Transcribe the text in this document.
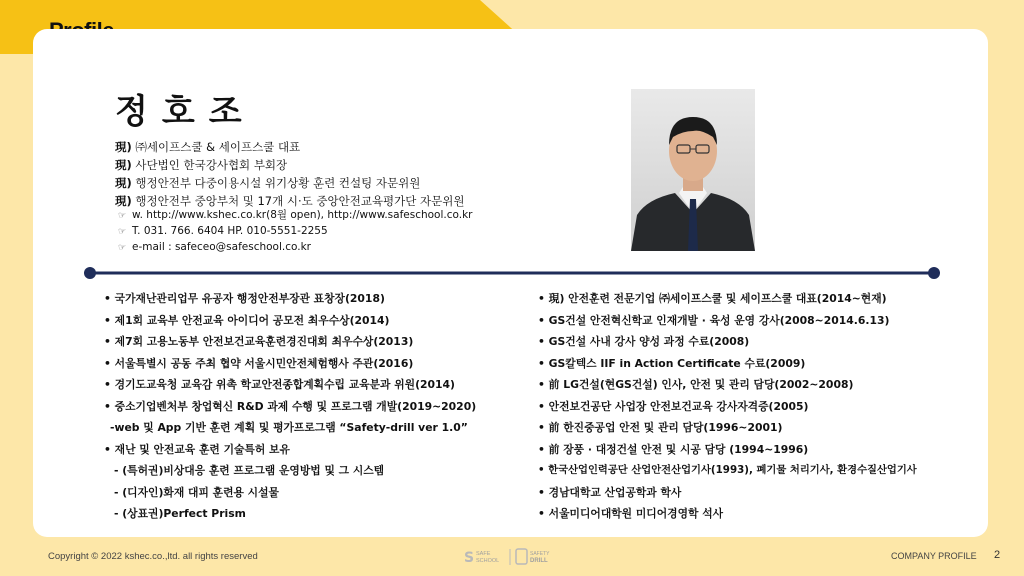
정호조
現) ㈜세이프스쿨 & 세이프스쿨 대표
現) 사단법인 한국강사협회 부회장
現) 행정안전부 다중이용시설 위기상황 훈련 컨설팅 자문위원
現) 행정안전부 중앙부처 및 17개 시·도 중앙안전교육평가단 자문위원
☞ w. http://www.kshec.co.kr(8월 open), http://www.safeschool.co.kr
☞ T. 031. 766. 6404 HP. 010-5551-2255
☞ e-mail : safeceo@safeschool.co.kr
• 국가재난관리업무 유공자 행정안전부장관 표창장(2018)
• 제1회 교육부 안전교육 아이디어 공모전 최우수상(2014)
• 제7회 고용노동부 안전보건교육훈련경진대회 최우수상(2013)
• 서울특별시 공동 주최 협약 서울시민안전체험행사 주관(2016)
• 경기도교육청 교육감 위촉 학교안전종합계획수립 교육분과 위원(2014)
• 중소기업벤처부 창업혁신 R&D 과제 수행 및 프로그램 개발(2019~2020)
-web 및 App 기반 훈련 계획 및 평가프로그램 “Safety-drill ver 1.0”
• 재난 및 안전교육 훈련 기술특허 보유
- (특허권)비상대응 훈련 프로그램 운영방법 및 그 시스템
- (디자인)화재 대피 훈련용 시설물
- (상표권)Perfect Prism
• 現) 안전훈련 전문기업 ㈜세이프스쿨 및 세이프스쿨 대표(2014~현재)
• GS건설 안전혁신학교 인재개발 · 육성 운영 강사(2008~2014.6.13)
• GS건설 사내 강사 양성 과정 수료(2008)
• GS칼텍스 IIF in Action Certificate 수료(2009)
• 前 LG건설(현GS건설) 인사, 안전 및 관리 담당(2002~2008)
• 안전보건공단 사업장 안전보건교육 강사자격증(2005)
• 前 한진중공업 안전 및 관리 담당(1996~2001)
• 前 장풍 · 대정건설 안전 및 시공 담당 (1994~1996)
• 한국산업인력공단 산업안전산업기사(1993), 폐기물 처리기사, 환경수질산업기사
• 경남대학교 산업공학과 학사
• 서울미디어대학원 미디어경영학 석사
Copyright © 2022 kshec.co.,ltd. all rights reserved	S SAFE
SCHOOL
SAFETY
DRILL	COMPANY PROFILE 2
